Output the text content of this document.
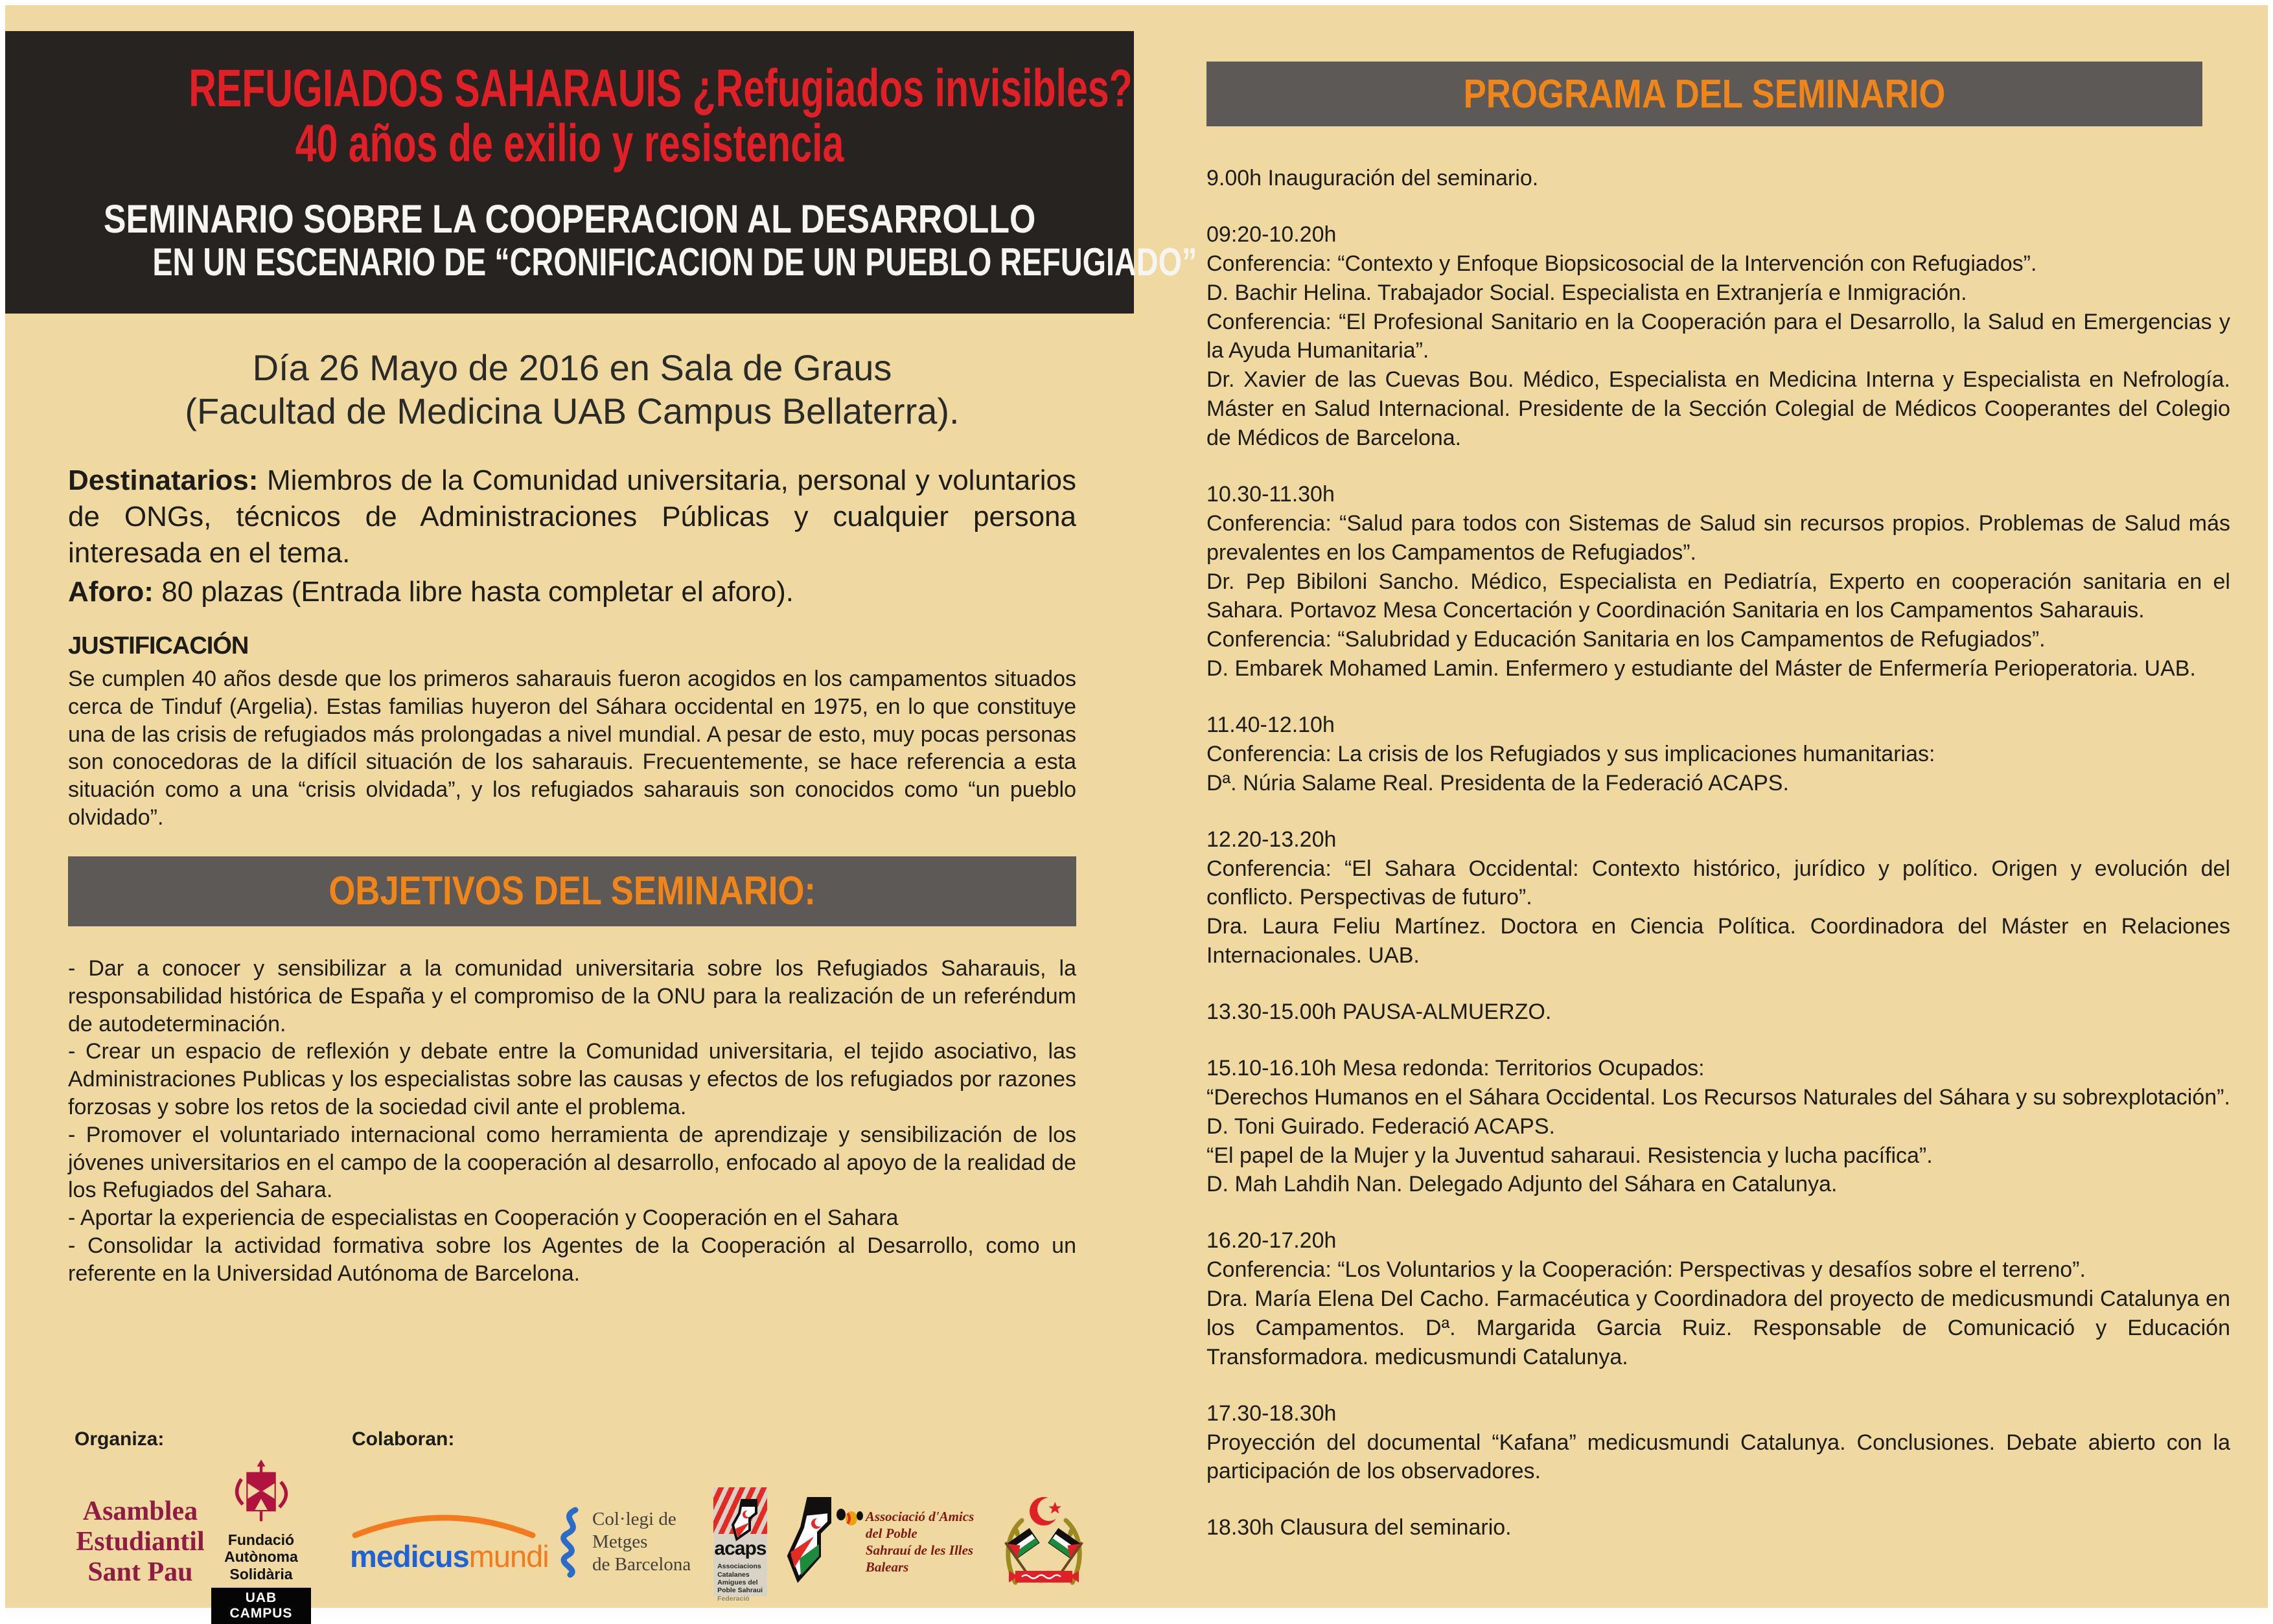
REFUGIADOS SAHARAUIS ¿Refugiados invisibles?
40 años de exilio y resistencia
SEMINARIO SOBRE LA COOPERACION AL DESARROLLO
EN UN ESCENARIO DE “CRONIFICACION DE UN PUEBLO REFUGIADO”
Día 26 Mayo de 2016 en Sala de Graus
(Facultad de Medicina UAB Campus Bellaterra).
Destinatarios: Miembros de la Comunidad universitaria, personal y voluntarios de ONGs, técnicos de Administraciones Públicas y cualquier persona interesada en el tema.
Aforo: 80 plazas (Entrada libre hasta completar el aforo).
JUSTIFICACIÓN
Se cumplen 40 años desde que los primeros saharauis fueron acogidos en los campamentos situados cerca de Tinduf (Argelia). Estas familias huyeron del Sáhara occidental en 1975, en lo que constituye una de las crisis de refugiados más prolongadas a nivel mundial. A pesar de esto, muy pocas personas son conocedoras de la difícil situación de los saharauis. Frecuentemente, se hace referencia a esta situación como a una “crisis olvidada”, y los refugiados saharauis son conocidos como “un pueblo olvidado”.
OBJETIVOS DEL SEMINARIO:

- Dar a conocer y sensibilizar a la comunidad universitaria sobre los Refugiados Saharauis, la responsabilidad histórica de España y el compromiso de la ONU para la realización de un referéndum de autodeterminación.

- Crear un espacio de reflexión y debate entre la Comunidad universitaria, el tejido asociativo, las Administraciones Publicas y los especialistas sobre las causas y efectos de los refugiados por razones forzosas y sobre los retos de la sociedad civil ante el problema.

- Promover el voluntariado internacional como herramienta de aprendizaje y sensibilización de los jóvenes universitarios en el campo de la cooperación al desarrollo, enfocado al apoyo de la realidad de los Refugiados del Sahara.

- Aportar la experiencia de especialistas en Cooperación y Cooperación en el Sahara

- Consolidar la actividad formativa sobre los Agentes de la Cooperación al Desarrollo, como un referente en la Universidad Autónoma de Barcelona.

Organiza:	Colaboran:
Asamblea
Estudiantil
Sant Pau
Fundació
Autònoma Solidària
UAB CAMPUS
medicusmundi
Col·legi de Metges
de Barcelona
acaps
Associacions Catalanes
Amigues del
Poble Sahraui
Federació
Associació d'Amics del Poble
Sahrauí de les Illes Balears
PROGRAMA DEL SEMINARIO

9.00h Inauguración del seminario.

09:20-10.20h

Conferencia: “Contexto y Enfoque Biopsicosocial de la Intervención con Refugiados”.

D. Bachir Helina. Trabajador Social. Especialista en Extranjería e Inmigración.

Conferencia: “El Profesional Sanitario en la Cooperación para el Desarrollo, la Salud en Emergencias y la Ayuda Humanitaria”.

Dr. Xavier de las Cuevas Bou. Médico, Especialista en Medicina Interna y Especialista en Nefrología. Máster en Salud Internacional. Presidente de la Sección Colegial de Médicos Cooperantes del Colegio de Médicos de Barcelona.

10.30-11.30h

Conferencia: “Salud para todos con Sistemas de Salud sin recursos propios. Problemas de Salud más prevalentes en los Campamentos de Refugiados”.

Dr. Pep Bibiloni Sancho. Médico, Especialista en Pediatría, Experto en cooperación sanitaria en el Sahara. Portavoz Mesa Concertación y Coordinación Sanitaria en los Campamentos Saharauis.

Conferencia: “Salubridad y Educación Sanitaria en los Campamentos de Refugiados”.

D. Embarek Mohamed Lamin. Enfermero y estudiante del Máster de Enfermería Perioperatoria. UAB.

11.40-12.10h

Conferencia: La crisis de los Refugiados y sus implicaciones humanitarias:

Dª. Núria Salame Real. Presidenta de la Federació ACAPS.

12.20-13.20h

Conferencia: “El Sahara Occidental: Contexto histórico, jurídico y político. Origen y evolución del conflicto. Perspectivas de futuro”.

Dra. Laura Feliu Martínez. Doctora en Ciencia Política. Coordinadora del Máster en Relaciones Internacionales. UAB.

13.30-15.00h PAUSA-ALMUERZO.

15.10-16.10h Mesa redonda: Territorios Ocupados:

“Derechos Humanos en el Sáhara Occidental. Los Recursos Naturales del Sáhara y su sobrexplotación”.

D. Toni Guirado. Federació ACAPS.

“El papel de la Mujer y la Juventud saharaui. Resistencia y lucha pacífica”.

D. Mah Lahdih Nan. Delegado Adjunto del Sáhara en Catalunya.

16.20-17.20h

Conferencia: “Los Voluntarios y la Cooperación: Perspectivas y desafíos sobre el terreno”.

Dra. María Elena Del Cacho. Farmacéutica y Coordinadora del proyecto de medicusmundi Catalunya en los Campamentos. Dª. Margarida Garcia Ruiz. Responsable de Comunicació y Educación Transformadora. medicusmundi Catalunya.

17.30-18.30h

Proyección del documental “Kafana” medicusmundi Catalunya. Conclusiones. Debate abierto con la participación de los observadores.

18.30h Clausura del seminario.
